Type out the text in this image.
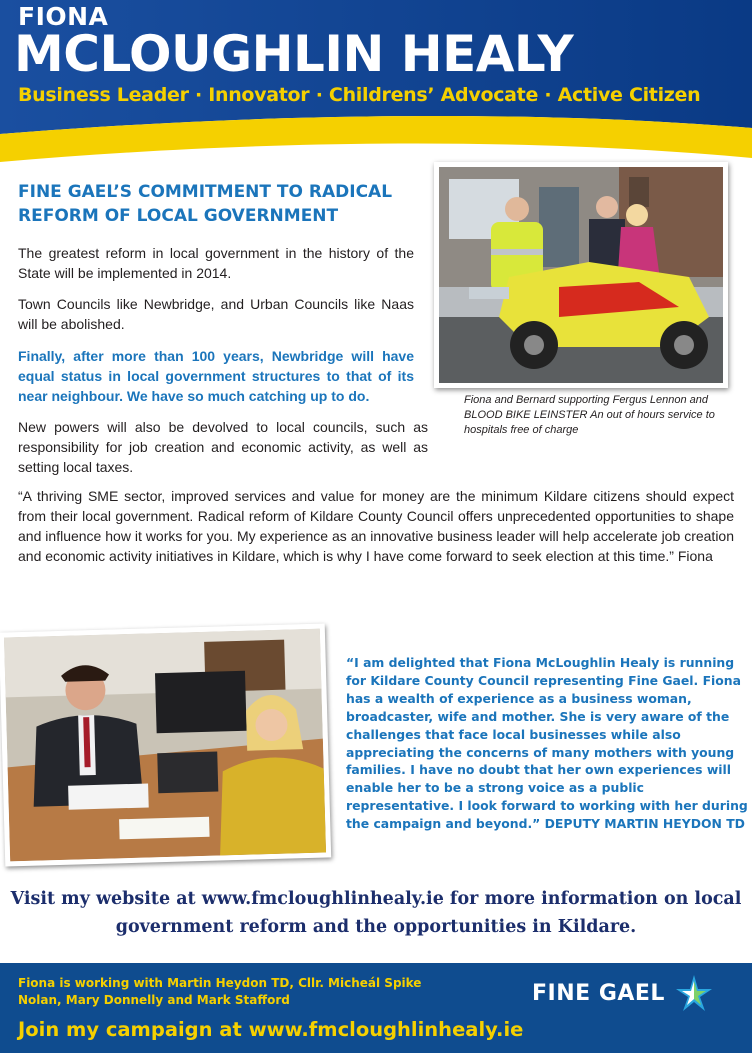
FIONA
MCLOUGHLIN HEALY
Business Leader · Innovator · Childrens’ Advocate · Active Citizen
FINE GAEL’S COMMITMENT TO RADICAL REFORM OF LOCAL GOVERNMENT
The greatest reform in local government in the history of the State will be implemented in 2014.
Town Councils like Newbridge, and Urban Councils like Naas will be abolished.
Finally, after more than 100 years, Newbridge will have equal status in local government structures to that of its near neighbour. We have so much catching up to do.
New powers will also be devolved to local councils, such as responsibility for job creation and economic activity, as well as setting local taxes.
“A thriving SME sector, improved services and value for money are the minimum Kildare citizens should expect from their local government. Radical reform of Kildare County Council offers unprecedented opportunities to shape and influence how it works for you. My experience as an innovative business leader will help accelerate job creation and economic activity initiatives in Kildare, which is why I have come forward to seek election at this time.” Fiona
Fiona and Bernard supporting Fergus Lennon and BLOOD BIKE LEINSTER An out of hours service to hospitals free of charge
“I am delighted that Fiona McLoughlin Healy is running for Kildare County Council representing Fine Gael. Fiona has a wealth of experience as a business woman, broadcaster, wife and mother. She is very aware of the challenges that face local businesses while also appreciating the concerns of many mothers with young families. I have no doubt that her own experiences will enable her to be a strong voice as a public representative. I look forward to working with her during the campaign and beyond.” DEPUTY MARTIN HEYDON TD
Visit my website at www.fmcloughlinhealy.ie for more information on local government reform and the opportunities in Kildare.
Fiona is working with Martin Heydon TD, Cllr. Micheál Spike Nolan, Mary Donnelly and Mark Stafford
Join my campaign at www.fmcloughlinhealy.ie
FINE GAEL
